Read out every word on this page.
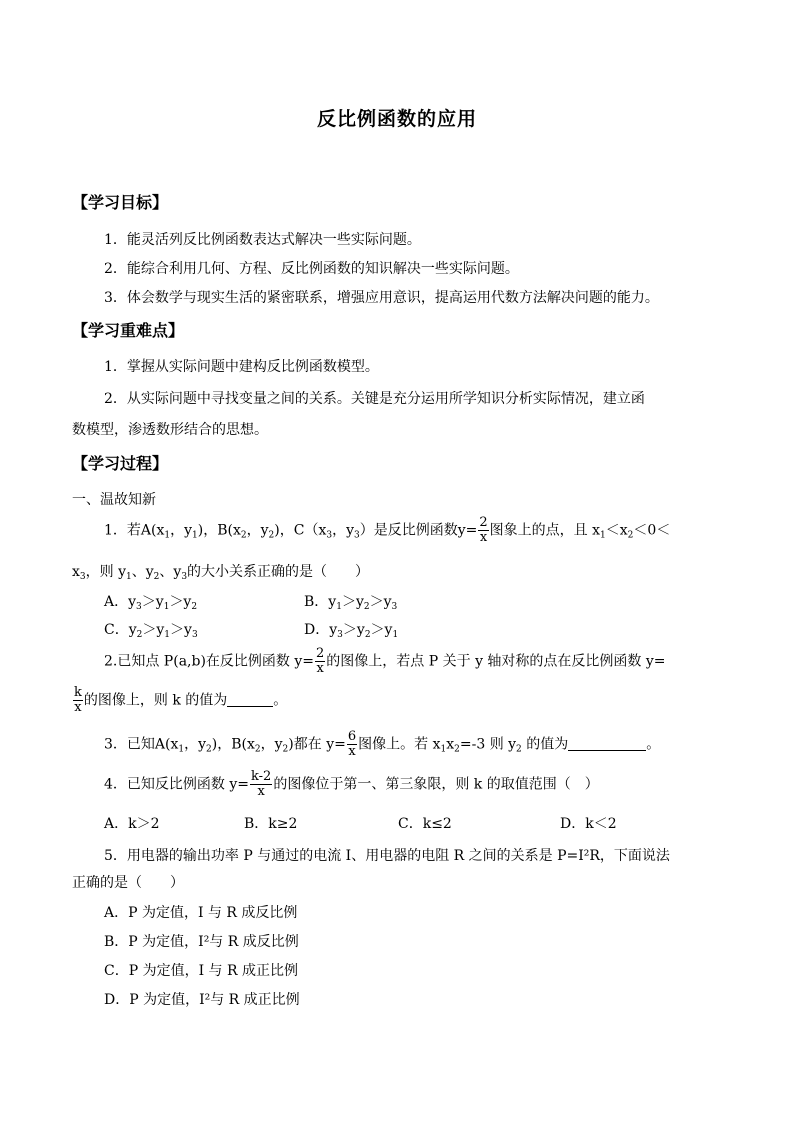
反比例函数的应用
【学习目标】
1．能灵活列反比例函数表达式解决一些实际问题。
2．能综合利用几何、方程、反比例函数的知识解决一些实际问题。
3．体会数学与现实生活的紧密联系，增强应用意识，提高运用代数方法解决问题的能力。
【学习重难点】
1．掌握从实际问题中建构反比例函数模型。
2．从实际问题中寻找变量之间的关系。关键是充分运用所学知识分析实际情况，建立函
数模型，渗透数形结合的思想。
【学习过程】
一、温故知新
1．若$A(x_1$，$y_1$)，$B(x_2$，$y_2$)，$C(x_3$，$y_3$）是反比例函数$y= \frac{2}{x}$ 图象上的点，且 $x_1<x_2<0<$
$x_3$，则 $y_1$、$y_2$、$y_3$的大小关系正确的是（　　）
A．$y_3>y_1>y_2$	B．$y_1>y_2>y_3$
C．$y_2>y_1>y_3$	D．$y_3>y_2>y_1$
2.已知点 P(a,b)在反比例函数 $y= \frac{2}{x}$ 的图像上，若点 P 关于 y 轴对称的点在反比例函数 y=
$\frac{k}{x}$ 的图像上，则 k 的值为	。
3．已知$A(x_1$，$y_2$)，$B(x_2$，$y_2$)都在 $y= \frac{6}{x}$ 图像上。若 $x_1x_2=-3$ 则 $y_2$ 的值为	。
4．已知反比例函数 $y= \frac{k-2}{x}$ 的图像位于第一、第三象限，则 k 的取值范围（　）
A．k＞2	B．k≥2	C．k≤2	D．k＜2
5．用电器的输出功率 P 与通过的电流 I、用电器的电阻 R 之间的关系是 P=I²R，下面说法
正确的是（　　）
A．P 为定值，I 与 R 成反比例
B．P 为定值，I²与 R 成反比例
C．P 为定值，I 与 R 成正比例
D．P 为定值，I²与 R 成正比例
